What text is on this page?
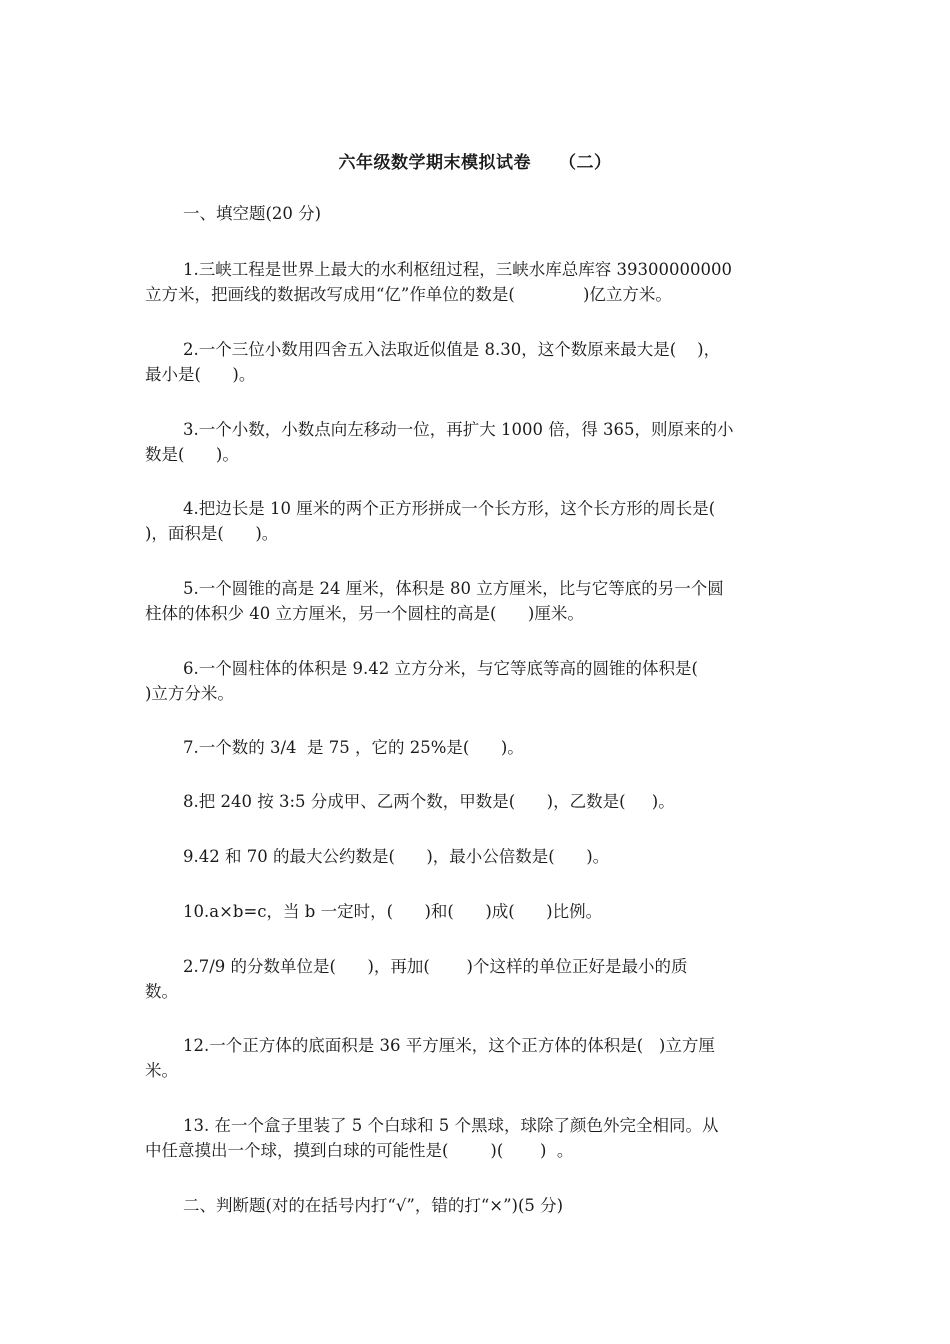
六年级数学期末模拟试卷 （二）
一、填空题(20 分)
1.三峡工程是世界上最大的水利枢纽过程，三峡水库总库容 39300000000
立方米，把画线的数据改写成用“亿”作单位的数是(             )亿立方米。
2.一个三位小数用四舍五入法取近似值是 8.30，这个数原来最大是(    )，
最小是(      )。
3.一个小数，小数点向左移动一位，再扩大 1000 倍，得 365，则原来的小
数是(      )。
4.把边长是 10 厘米的两个正方形拼成一个长方形，这个长方形的周长是(
)，面积是(      )。
5.一个圆锥的高是 24 厘米，体积是 80 立方厘米，比与它等底的另一个圆
柱体的体积少 40 立方厘米，另一个圆柱的高是(      )厘米。
6.一个圆柱体的体积是 9.42 立方分米，与它等底等高的圆锥的体积是(
)立方分米。
7.一个数的 3/4  是 75 ，它的 25%是(      )。
8.把 240 按 3:5 分成甲、乙两个数，甲数是(      )，乙数是(     )。
9.42 和 70 的最大公约数是(      )，最小公倍数是(      )。
10.a×b=c，当 b 一定时，(      )和(      )成(      )比例。
2.7/9 的分数单位是(      )，再加(       )个这样的单位正好是最小的质
数。
12.一个正方体的底面积是 36 平方厘米，这个正方体的体积是(   )立方厘
米。
13. 在一个盒子里装了 5 个白球和 5 个黑球，球除了颜色外完全相同。从
中任意摸出一个球，摸到白球的可能性是(        )(       )  。
二、判断题(对的在括号内打“√”，错的打“×”)(5 分)
